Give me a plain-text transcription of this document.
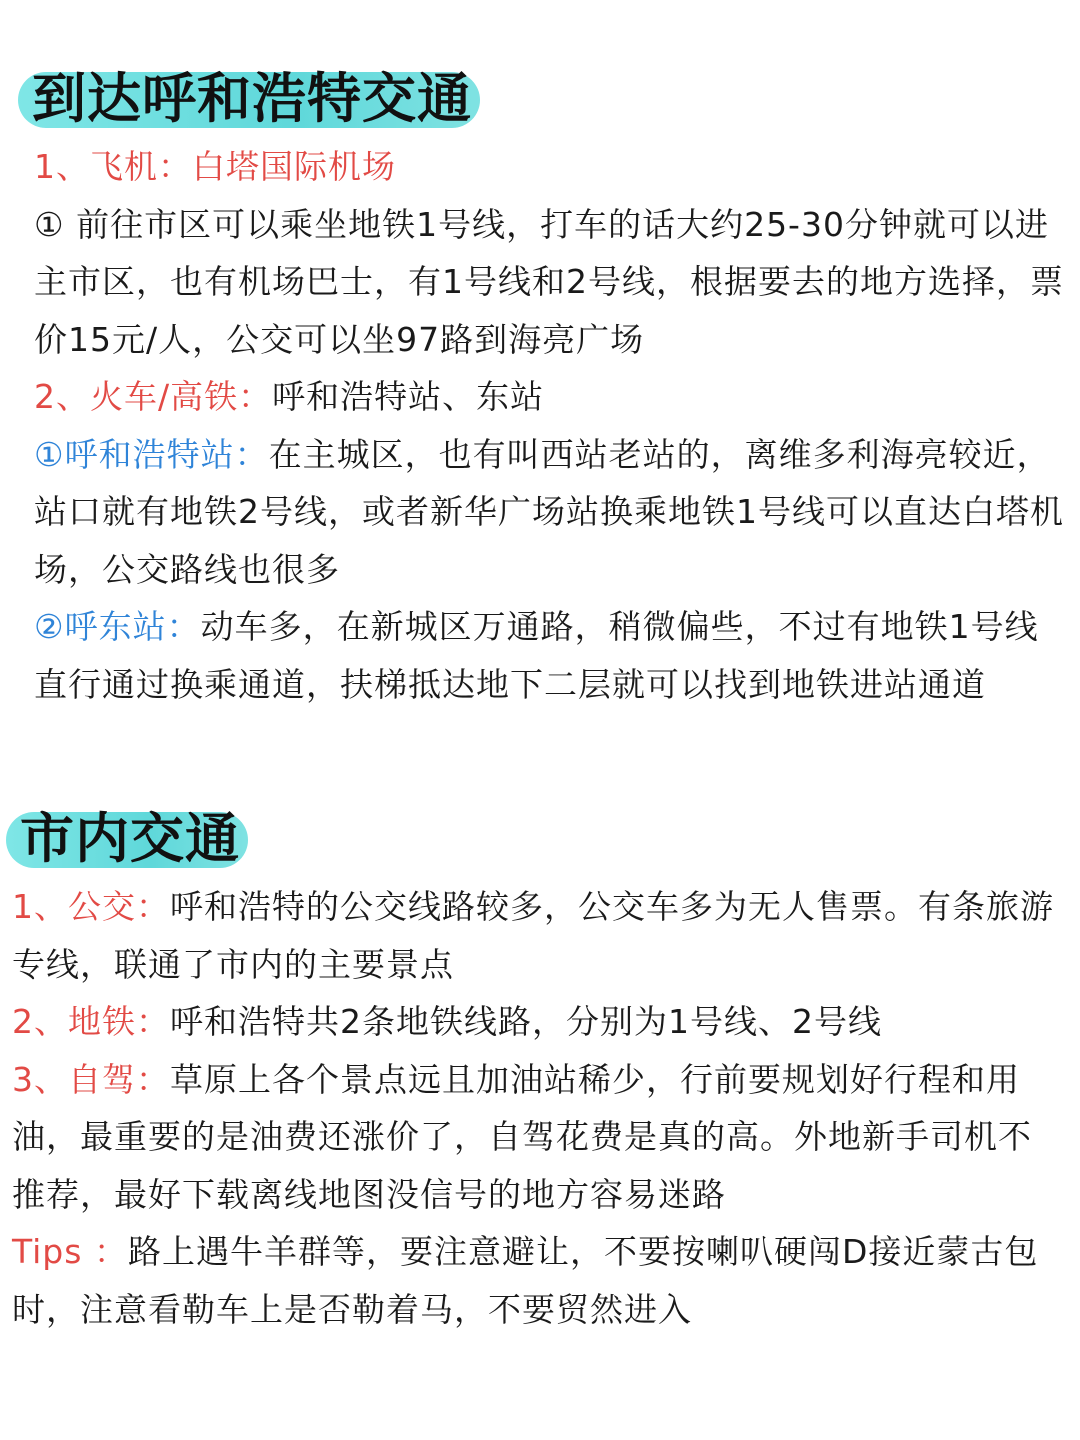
到达呼和浩特交通

1、飞机：白塔国际机场

① 前往市区可以乘坐地铁1号线，打车的话大约25-30分钟就可以进主市区，也有机场巴士，有1号线和2号线，根据要去的地方选择，票价15元/人，公交可以坐97路到海亮广场

2、火车/高铁：呼和浩特站、东站

①呼和浩特站：在主城区，也有叫西站老站的，离维多利海亮较近，站口就有地铁2号线，或者新华广场站换乘地铁1号线可以直达白塔机场，公交路线也很多

②呼东站：动车多，在新城区万通路，稍微偏些，不过有地铁1号线直行通过换乘通道，扶梯抵达地下二层就可以找到地铁进站通道

市内交通

1、公交：呼和浩特的公交线路较多，公交车多为无人售票。有条旅游专线，联通了市内的主要景点

2、地铁：呼和浩特共2条地铁线路，分别为1号线、2号线

3、自驾：草原上各个景点远且加油站稀少，行前要规划好行程和用油，最重要的是油费还涨价了，自驾花费是真的高。外地新手司机不推荐，最好下载离线地图没信号的地方容易迷路

Tips ：路上遇牛羊群等，要注意避让，不要按喇叭硬闯D接近蒙古包时，注意看勒车上是否勒着马，不要贸然进入
